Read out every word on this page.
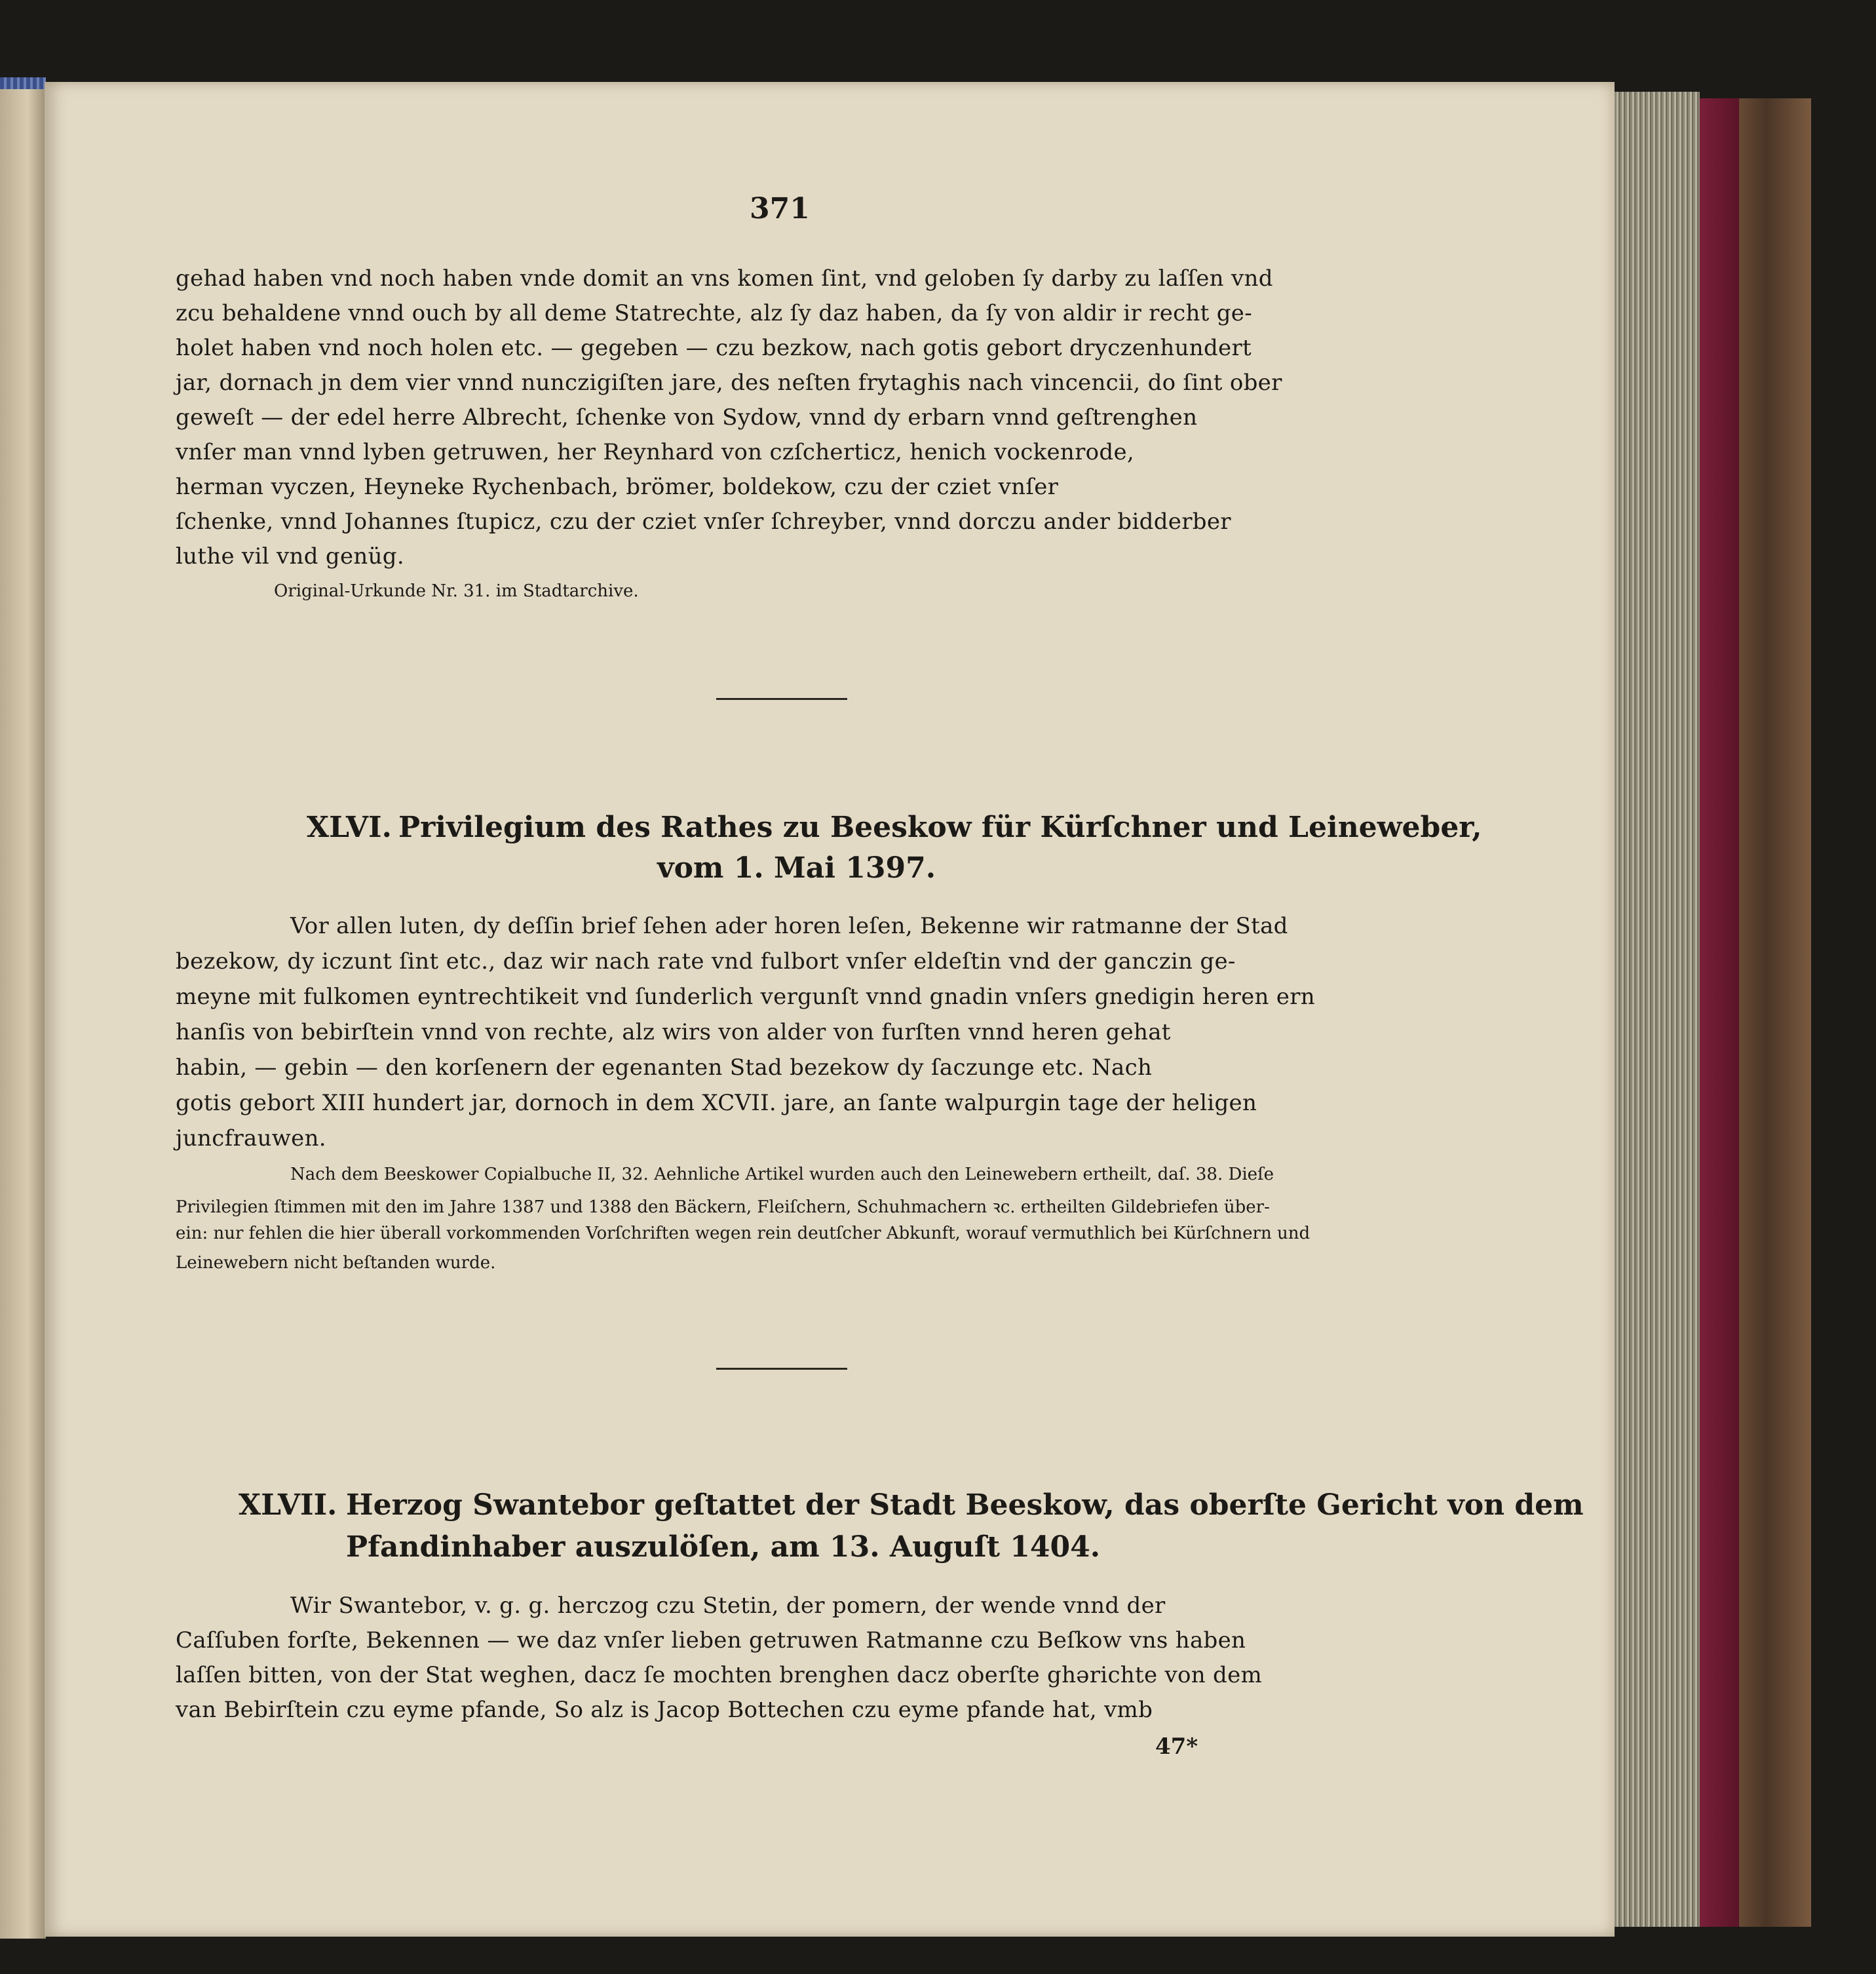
371
gehad haben vnd noch haben vnde domit an vns komen ſint, vnd geloben ſy darby zu laſſen vnd
zcu behaldene vnnd ouch by all deme Statrechte, alz ſy daz haben, da ſy von aldir ir recht ge-
holet haben vnd noch holen etc. — gegeben — czu bezkow, nach gotis gebort dryczenhundert
jar, dornach jn dem vier vnnd nunczigiſten jare, des neſten frytaghis nach vincencii, do ſint ober
geweſt — der edel herre Albrecht, ſchenke von Sydow, vnnd dy erbarn vnnd geſtrenghen
vnſer man vnnd lyben getruwen, her Reynhard von czſcherticz, henich vockenrode,
herman vyczen, Heyneke Rychenbach, brömer, boldekow, czu der cziet vnſer
ſchenke, vnnd Johannes ſtupicz, czu der cziet vnſer ſchreyber, vnnd dorczu ander bidderber
luthe vil vnd genüg.
Original-Urkunde Nr. 31. im Stadtarchive.
XLVI. Privilegium des Rathes zu Beeskow für Kürſchner und Leineweber,
vom 1. Mai 1397.
Vor allen luten, dy deſſin brief ſehen ader horen leſen, Bekenne wir ratmanne der Stad
bezekow, dy iczunt ſint etc., daz wir nach rate vnd fulbort vnſer eldeſtin vnd der ganczin ge-
meyne mit fulkomen eyntrechtikeit vnd ſunderlich vergunſt vnnd gnadin vnſers gnedigin heren ern
hanſis von bebirſtein vnnd von rechte, alz wirs von alder von furſten vnnd heren gehat
habin, — gebin — den korſenern der egenanten Stad bezekow dy ſaczunge etc. Nach
gotis gebort XIII hundert jar, dornoch in dem XCVII. jare, an ſante walpurgin tage der heligen
juncfrauwen.
Nach dem Beeskower Copialbuche II, 32. Aehnliche Artikel wurden auch den Leinewebern ertheilt, daſ. 38. Dieſe
Privilegien ſtimmen mit den im Jahre 1387 und 1388 den Bäckern, Fleiſchern, Schuhmachern ꝛc. ertheilten Gildebriefen über-
ein: nur fehlen die hier überall vorkommenden Vorſchriften wegen rein deutſcher Abkunft, worauf vermuthlich bei Kürſchnern und
Leinewebern nicht beſtanden wurde.
XLVII. Herzog Swantebor geſtattet der Stadt Beeskow, das oberſte Gericht von dem
Pfandinhaber auszulöſen, am 13. Auguſt 1404.
Wir Swantebor, v. g. g. herczog czu Stetin, der pomern, der wende vnnd der
Caſſuben forſte, Bekennen — we daz vnſer lieben getruwen Ratmanne czu Beſkow vns haben
laſſen bitten, von der Stat weghen, dacz ſe mochten brenghen dacz oberſte ghərichte von dem
van Bebirſtein czu eyme pfande, So alz is Jacop Bottechen czu eyme pfande hat, vmb
47*
